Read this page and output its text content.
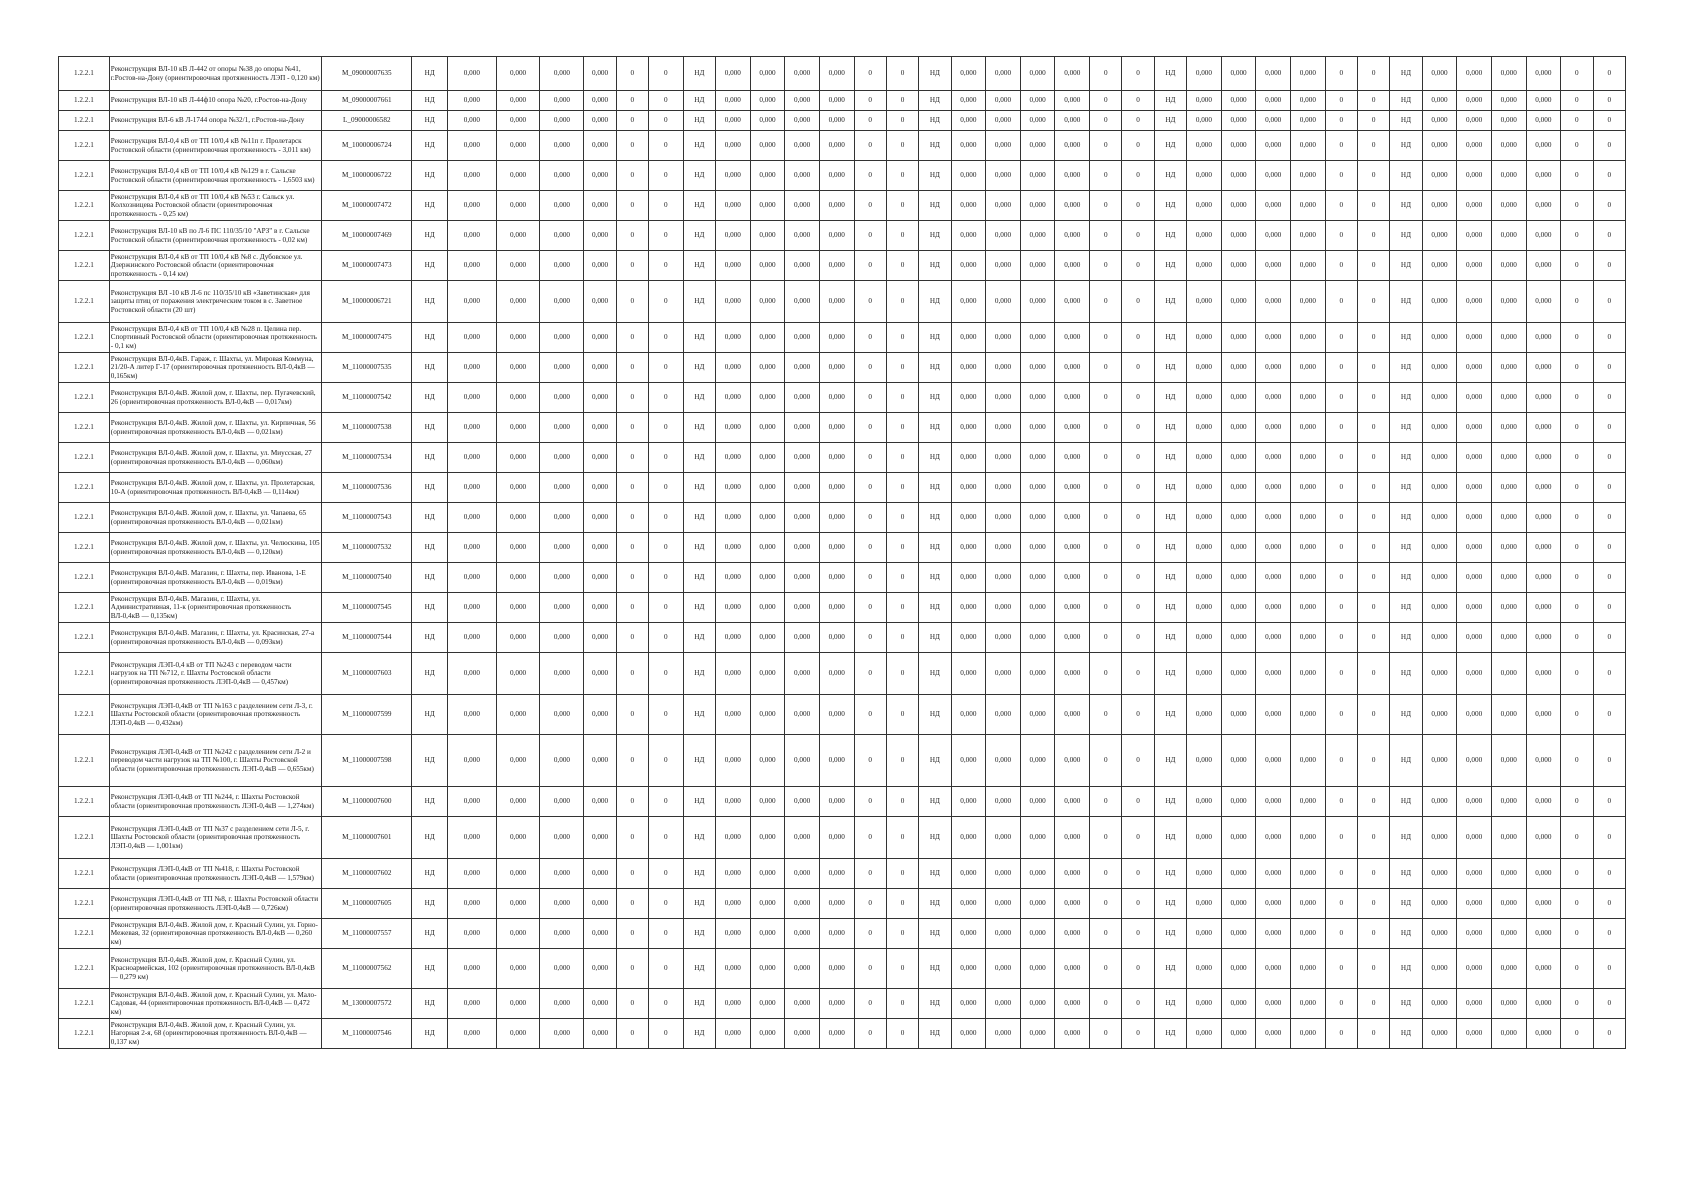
1.2.2.1	Реконструкция ВЛ-10 кВ Л-442 от опоры №38 до опоры №41, г.Ростов-на-Дону (ориентировочная протяженность ЛЭП - 0,120 км)	M_09000007635	НД	0,000	0,000	0,000	0,000	0	0	НД	0,000	0,000	0,000	0,000	0	0	НД	0,000	0,000	0,000	0,000	0	0	НД	0,000	0,000	0,000	0,000	0	0	НД	0,000	0,000	0,000	0,000	0	0
1.2.2.1	Реконструкция ВЛ-10 кВ Л-44ф10 опора №20, г.Ростов-на-Дону	M_09000007661	НД	0,000	0,000	0,000	0,000	0	0	НД	0,000	0,000	0,000	0,000	0	0	НД	0,000	0,000	0,000	0,000	0	0	НД	0,000	0,000	0,000	0,000	0	0	НД	0,000	0,000	0,000	0,000	0	0
1.2.2.1	Реконструкция ВЛ-6 кВ Л-1744 опора №32/1, г.Ростов-на-Дону	L_09000006582	НД	0,000	0,000	0,000	0,000	0	0	НД	0,000	0,000	0,000	0,000	0	0	НД	0,000	0,000	0,000	0,000	0	0	НД	0,000	0,000	0,000	0,000	0	0	НД	0,000	0,000	0,000	0,000	0	0
1.2.2.1	Реконструкция ВЛ-0,4 кВ от ТП 10/0,4 кВ №11п г. Пролетарск Ростовской области (ориентировочная протяженность - 3,011 км)	M_10000006724	НД	0,000	0,000	0,000	0,000	0	0	НД	0,000	0,000	0,000	0,000	0	0	НД	0,000	0,000	0,000	0,000	0	0	НД	0,000	0,000	0,000	0,000	0	0	НД	0,000	0,000	0,000	0,000	0	0
1.2.2.1	Реконструкция ВЛ-0,4 кВ от ТП 10/0,4 кВ №129 в г. Сальске Ростовской области (ориентировочная протяженность - 1,6503 км)	M_10000006722	НД	0,000	0,000	0,000	0,000	0	0	НД	0,000	0,000	0,000	0,000	0	0	НД	0,000	0,000	0,000	0,000	0	0	НД	0,000	0,000	0,000	0,000	0	0	НД	0,000	0,000	0,000	0,000	0	0
1.2.2.1	Реконструкция ВЛ-0,4 кВ от ТП 10/0,4 кВ №53 г. Сальск ул. Колхозницева Ростовской области (ориентировочная протяженность - 0,25 км)	M_10000007472	НД	0,000	0,000	0,000	0,000	0	0	НД	0,000	0,000	0,000	0,000	0	0	НД	0,000	0,000	0,000	0,000	0	0	НД	0,000	0,000	0,000	0,000	0	0	НД	0,000	0,000	0,000	0,000	0	0
1.2.2.1	Реконструкция ВЛ-10 кВ по Л-6 ПС 110/35/10 "АРЗ" в г. Сальске Ростовской области (ориентировочная протяженность - 0,02 км)	M_10000007469	НД	0,000	0,000	0,000	0,000	0	0	НД	0,000	0,000	0,000	0,000	0	0	НД	0,000	0,000	0,000	0,000	0	0	НД	0,000	0,000	0,000	0,000	0	0	НД	0,000	0,000	0,000	0,000	0	0
1.2.2.1	Реконструкция ВЛ-0,4 кВ от ТП 10/0,4 кВ №8 с. Дубовское ул. Дзержинского Ростовской области (ориентировочная протяженность - 0,14 км)	M_10000007473	НД	0,000	0,000	0,000	0,000	0	0	НД	0,000	0,000	0,000	0,000	0	0	НД	0,000	0,000	0,000	0,000	0	0	НД	0,000	0,000	0,000	0,000	0	0	НД	0,000	0,000	0,000	0,000	0	0
1.2.2.1	Реконструкция ВЛ -10 кВ Л-6 пс 110/35/10 кВ «Заветинская» для защиты птиц от поражения электрическим током в с. Заветное Ростовской области (20 шт)	M_10000006721	НД	0,000	0,000	0,000	0,000	0	0	НД	0,000	0,000	0,000	0,000	0	0	НД	0,000	0,000	0,000	0,000	0	0	НД	0,000	0,000	0,000	0,000	0	0	НД	0,000	0,000	0,000	0,000	0	0
1.2.2.1	Реконструкция ВЛ-0,4 кВ от ТП 10/0,4 кВ №28 п. Целина пер. Спортивный Ростовской области (ориентировочная протяженность - 0,1 км)	M_10000007475	НД	0,000	0,000	0,000	0,000	0	0	НД	0,000	0,000	0,000	0,000	0	0	НД	0,000	0,000	0,000	0,000	0	0	НД	0,000	0,000	0,000	0,000	0	0	НД	0,000	0,000	0,000	0,000	0	0
1.2.2.1	Реконструкция ВЛ-0,4кВ. Гараж, г. Шахты, ул. Мировая Коммуна, 21/20-А литер Г-17 (ориентировочная протяженность ВЛ-0,4кВ — 0,165км)	M_11000007535	НД	0,000	0,000	0,000	0,000	0	0	НД	0,000	0,000	0,000	0,000	0	0	НД	0,000	0,000	0,000	0,000	0	0	НД	0,000	0,000	0,000	0,000	0	0	НД	0,000	0,000	0,000	0,000	0	0
1.2.2.1	Реконструкция ВЛ-0,4кВ. Жилой дом, г. Шахты, пер. Пугачевский, 26 (ориентировочная протяженность ВЛ-0,4кВ — 0,017км)	M_11000007542	НД	0,000	0,000	0,000	0,000	0	0	НД	0,000	0,000	0,000	0,000	0	0	НД	0,000	0,000	0,000	0,000	0	0	НД	0,000	0,000	0,000	0,000	0	0	НД	0,000	0,000	0,000	0,000	0	0
1.2.2.1	Реконструкция ВЛ-0,4кВ. Жилой дом, г. Шахты, ул. Кирпичная, 56 (ориентировочная протяженность ВЛ-0,4кВ — 0,021км)	M_11000007538	НД	0,000	0,000	0,000	0,000	0	0	НД	0,000	0,000	0,000	0,000	0	0	НД	0,000	0,000	0,000	0,000	0	0	НД	0,000	0,000	0,000	0,000	0	0	НД	0,000	0,000	0,000	0,000	0	0
1.2.2.1	Реконструкция ВЛ-0,4кВ. Жилой дом, г. Шахты, ул. Миусская, 27 (ориентировочная протяженность ВЛ-0,4кВ — 0,060км)	M_11000007534	НД	0,000	0,000	0,000	0,000	0	0	НД	0,000	0,000	0,000	0,000	0	0	НД	0,000	0,000	0,000	0,000	0	0	НД	0,000	0,000	0,000	0,000	0	0	НД	0,000	0,000	0,000	0,000	0	0
1.2.2.1	Реконструкция ВЛ-0,4кВ. Жилой дом, г. Шахты, ул. Пролетарская, 10-А (ориентировочная протяженность ВЛ-0,4кВ — 0,114км)	M_11000007536	НД	0,000	0,000	0,000	0,000	0	0	НД	0,000	0,000	0,000	0,000	0	0	НД	0,000	0,000	0,000	0,000	0	0	НД	0,000	0,000	0,000	0,000	0	0	НД	0,000	0,000	0,000	0,000	0	0
1.2.2.1	Реконструкция ВЛ-0,4кВ. Жилой дом, г. Шахты, ул. Чапаева, 65 (ориентировочная протяженность ВЛ-0,4кВ — 0,021км)	M_11000007543	НД	0,000	0,000	0,000	0,000	0	0	НД	0,000	0,000	0,000	0,000	0	0	НД	0,000	0,000	0,000	0,000	0	0	НД	0,000	0,000	0,000	0,000	0	0	НД	0,000	0,000	0,000	0,000	0	0
1.2.2.1	Реконструкция ВЛ-0,4кВ. Жилой дом, г. Шахты, ул. Челюскина, 105 (ориентировочная протяженность ВЛ-0,4кВ — 0,120км)	M_11000007532	НД	0,000	0,000	0,000	0,000	0	0	НД	0,000	0,000	0,000	0,000	0	0	НД	0,000	0,000	0,000	0,000	0	0	НД	0,000	0,000	0,000	0,000	0	0	НД	0,000	0,000	0,000	0,000	0	0
1.2.2.1	Реконструкция ВЛ-0,4кВ. Магазин, г. Шахты, пер. Иванова, 1-Е (ориентировочная протяженность ВЛ-0,4кВ — 0,019км)	M_11000007540	НД	0,000	0,000	0,000	0,000	0	0	НД	0,000	0,000	0,000	0,000	0	0	НД	0,000	0,000	0,000	0,000	0	0	НД	0,000	0,000	0,000	0,000	0	0	НД	0,000	0,000	0,000	0,000	0	0
1.2.2.1	Реконструкция ВЛ-0,4кВ. Магазин, г. Шахты, ул. Административная, 11-к (ориентировочная протяженность ВЛ-0,4кВ — 0,135км)	M_11000007545	НД	0,000	0,000	0,000	0,000	0	0	НД	0,000	0,000	0,000	0,000	0	0	НД	0,000	0,000	0,000	0,000	0	0	НД	0,000	0,000	0,000	0,000	0	0	НД	0,000	0,000	0,000	0,000	0	0
1.2.2.1	Реконструкция ВЛ-0,4кВ. Магазин, г. Шахты, ул. Красинская, 27-а (ориентировочная протяженность ВЛ-0,4кВ — 0,093км)	M_11000007544	НД	0,000	0,000	0,000	0,000	0	0	НД	0,000	0,000	0,000	0,000	0	0	НД	0,000	0,000	0,000	0,000	0	0	НД	0,000	0,000	0,000	0,000	0	0	НД	0,000	0,000	0,000	0,000	0	0
1.2.2.1	Реконструкция ЛЭП-0,4 кВ от ТП №243 с переводом части нагрузок на ТП №712, г. Шахты Ростовской области (ориентировочная протяженность ЛЭП-0,4кВ — 0,457км)	M_11000007603	НД	0,000	0,000	0,000	0,000	0	0	НД	0,000	0,000	0,000	0,000	0	0	НД	0,000	0,000	0,000	0,000	0	0	НД	0,000	0,000	0,000	0,000	0	0	НД	0,000	0,000	0,000	0,000	0	0
1.2.2.1	Реконструкция ЛЭП-0,4кВ от ТП №163 с разделением сети Л-3, г. Шахты Ростовской области (ориентировочная протяженность ЛЭП-0,4кВ — 0,432км)	M_11000007599	НД	0,000	0,000	0,000	0,000	0	0	НД	0,000	0,000	0,000	0,000	0	0	НД	0,000	0,000	0,000	0,000	0	0	НД	0,000	0,000	0,000	0,000	0	0	НД	0,000	0,000	0,000	0,000	0	0
1.2.2.1	Реконструкция ЛЭП-0,4кВ от ТП №242 с разделением сети Л-2 и переводом части нагрузок на ТП №100, г. Шахты Ростовской области (ориентировочная протяженность ЛЭП-0,4кВ — 0,655км)	M_11000007598	НД	0,000	0,000	0,000	0,000	0	0	НД	0,000	0,000	0,000	0,000	0	0	НД	0,000	0,000	0,000	0,000	0	0	НД	0,000	0,000	0,000	0,000	0	0	НД	0,000	0,000	0,000	0,000	0	0
1.2.2.1	Реконструкция ЛЭП-0,4кВ от ТП №244, г. Шахты Ростовской области (ориентировочная протяженность ЛЭП-0,4кВ — 1,274км)	M_11000007600	НД	0,000	0,000	0,000	0,000	0	0	НД	0,000	0,000	0,000	0,000	0	0	НД	0,000	0,000	0,000	0,000	0	0	НД	0,000	0,000	0,000	0,000	0	0	НД	0,000	0,000	0,000	0,000	0	0
1.2.2.1	Реконструкция ЛЭП-0,4кВ от ТП №37 с разделением сети Л-5, г. Шахты Ростовской области (ориентировочная протяженность ЛЭП-0,4кВ — 1,001км)	M_11000007601	НД	0,000	0,000	0,000	0,000	0	0	НД	0,000	0,000	0,000	0,000	0	0	НД	0,000	0,000	0,000	0,000	0	0	НД	0,000	0,000	0,000	0,000	0	0	НД	0,000	0,000	0,000	0,000	0	0
1.2.2.1	Реконструкция ЛЭП-0,4кВ от ТП №418, г. Шахты Ростовской области (ориентировочная протяженность ЛЭП-0,4кВ — 1,579км)	M_11000007602	НД	0,000	0,000	0,000	0,000	0	0	НД	0,000	0,000	0,000	0,000	0	0	НД	0,000	0,000	0,000	0,000	0	0	НД	0,000	0,000	0,000	0,000	0	0	НД	0,000	0,000	0,000	0,000	0	0
1.2.2.1	Реконструкция ЛЭП-0,4кВ от ТП №8, г. Шахты Ростовской области (ориентировочная протяженность ЛЭП-0,4кВ — 0,726км)	M_11000007605	НД	0,000	0,000	0,000	0,000	0	0	НД	0,000	0,000	0,000	0,000	0	0	НД	0,000	0,000	0,000	0,000	0	0	НД	0,000	0,000	0,000	0,000	0	0	НД	0,000	0,000	0,000	0,000	0	0
1.2.2.1	Реконструкция ВЛ-0,4кВ. Жилой дом, г. Красный Сулин, ул. Горно-Межевая, 32 (ориентировочная протяженность ВЛ-0,4кВ — 0,260 км)	M_11000007557	НД	0,000	0,000	0,000	0,000	0	0	НД	0,000	0,000	0,000	0,000	0	0	НД	0,000	0,000	0,000	0,000	0	0	НД	0,000	0,000	0,000	0,000	0	0	НД	0,000	0,000	0,000	0,000	0	0
1.2.2.1	Реконструкция ВЛ-0,4кВ. Жилой дом, г. Красный Сулин, ул. Красноармейская, 102 (ориентировочная протяженность ВЛ-0,4кВ — 0,279 км)	M_11000007562	НД	0,000	0,000	0,000	0,000	0	0	НД	0,000	0,000	0,000	0,000	0	0	НД	0,000	0,000	0,000	0,000	0	0	НД	0,000	0,000	0,000	0,000	0	0	НД	0,000	0,000	0,000	0,000	0	0
1.2.2.1	Реконструкция ВЛ-0,4кВ. Жилой дом, г. Красный Сулин, ул. Мало-Садовая, 44 (ориентировочная протяженность ВЛ-0,4кВ — 0,472 км)	M_13000007572	НД	0,000	0,000	0,000	0,000	0	0	НД	0,000	0,000	0,000	0,000	0	0	НД	0,000	0,000	0,000	0,000	0	0	НД	0,000	0,000	0,000	0,000	0	0	НД	0,000	0,000	0,000	0,000	0	0
1.2.2.1	Реконструкция ВЛ-0,4кВ. Жилой дом, г. Красный Сулин, ул. Нагорная 2-я, 68 (ориентировочная протяженность ВЛ-0,4кВ — 0,137 км)	M_11000007546	НД	0,000	0,000	0,000	0,000	0	0	НД	0,000	0,000	0,000	0,000	0	0	НД	0,000	0,000	0,000	0,000	0	0	НД	0,000	0,000	0,000	0,000	0	0	НД	0,000	0,000	0,000	0,000	0	0
